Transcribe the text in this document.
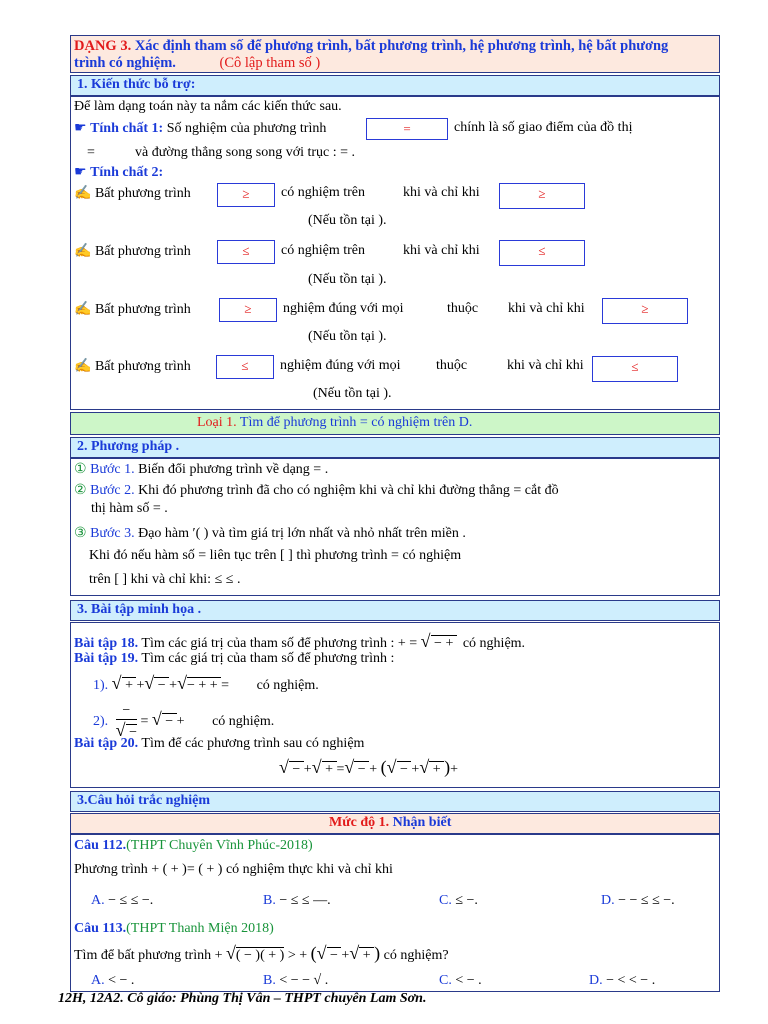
DẠNG 3. Xác định tham số để phương trình, bất phương trình, hệ phương trình, hệ bất phương
trình có nghiệm.	(Cô lập tham số )
1. Kiến thức bỗ trợ:
Để làm dạng toán này ta nắm các kiến thức sau.
☛ Tính chất 1: Số nghiệm của phương trình	=	chính là số giao điểm của đồ thị
=	và đường thẳng song song với trục : = .
☛ Tính chất 2:
✍ Bất phương trình	≥	có nghiệm trên	khi và chỉ khi	≥
(Nếu tồn tại ).
✍ Bất phương trình	≤	có nghiệm trên	khi và chỉ khi	≤
(Nếu tồn tại ).
✍ Bất phương trình	≥	nghiệm đúng với mọi	thuộc khi và chỉ khi	≥
(Nếu tồn tại ).
✍ Bất phương trình	≤	nghiệm đúng với mọi	thuộc	khi và chỉ khi	≤
(Nếu tồn tại ).
Loại 1. Tìm để phương trình = có nghiệm trên D.
2. Phương pháp .
① Bước 1. Biến đổi phương trình về dạng = .
② Bước 2. Khi đó phương trình đã cho có nghiệm khi và chỉ khi đường thẳng = cắt đồ
thị hàm số = .
③ Bước 3. Đạo hàm ′( ) và tìm giá trị lớn nhất và nhỏ nhất trên miền .
Khi đó nếu hàm số = liên tục trên [ ] thì phương trình = có nghiệm
trên [ ] khi và chỉ khi: ≤ ≤ .
3. Bài tập minh họa .
Bài tập 18. Tìm các giá trị của tham số để phương trình : + = √ − + có nghiệm.
Bài tập 19. Tìm các giá trị của tham số để phương trình :
1). √ + +√ − +√− + + = có nghiệm.
2).
−
√ −
= √ − + có nghiệm.
Bài tập 20. Tìm để các phương trình sau có nghiệm
√ − +√ + =√ − + (√ − +√ + )+
3.Câu hỏi trắc nghiệm
Mức độ 1. Nhận biết
Câu 112.(THPT Chuyên Vĩnh Phúc-2018)
Phương trình + ( + )= ( + ) có nghiệm thực khi và chỉ khi
A. − ≤ ≤ −.	B. − ≤ ≤ —.	C. ≤ −.	D. − − ≤ ≤ −.
Câu 113.(THPT Thanh Miện 2018)
Tìm để bất phương trình + √( − )( + ) > + (√ − +√ + ) có nghiệm?
A. < − .	B. < − − √ .	C. < − .	D. − < < − .
12H, 12A2. Cô giáo: Phùng Thị Vân – THPT chuyên Lam Sơn.
